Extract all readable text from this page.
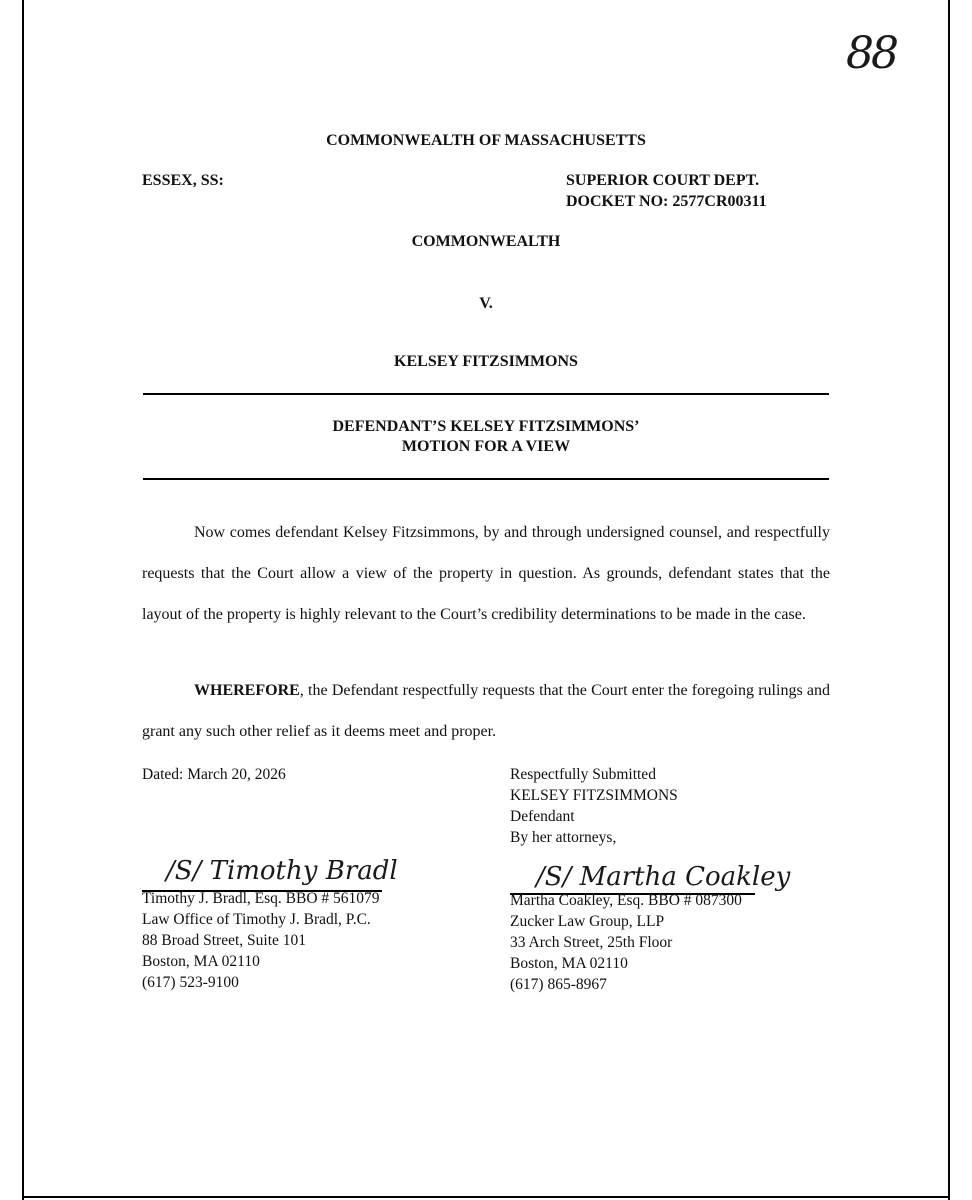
88
COMMONWEALTH OF MASSACHUSETTS
ESSEX, SS:	SUPERIOR COURT DEPT.
DOCKET NO: 2577CR00311
COMMONWEALTH
V.
KELSEY FITZSIMMONS
DEFENDANT’S KELSEY FITZSIMMONS’
MOTION FOR A VIEW
Now comes defendant Kelsey Fitzsimmons, by and through undersigned counsel, and respectfully requests that the Court allow a view of the property in question. As grounds, defendant states that the layout of the property is highly relevant to the Court’s credibility determinations to be made in the case.
WHEREFORE, the Defendant respectfully requests that the Court enter the foregoing rulings and grant any such other relief as it deems meet and proper.
Dated: March 20, 2026	Respectfully Submitted
KELSEY FITZSIMMONS
Defendant
By her attorneys,
/S/ Timothy Bradl
Timothy J. Bradl, Esq. BBO # 561079
Law Office of Timothy J. Bradl, P.C.
88 Broad Street, Suite 101
Boston, MA 02110
(617) 523-9100
/S/ Martha Coakley
Martha Coakley, Esq. BBO # 087300
Zucker Law Group, LLP
33 Arch Street, 25th Floor
Boston, MA 02110
(617) 865-8967
